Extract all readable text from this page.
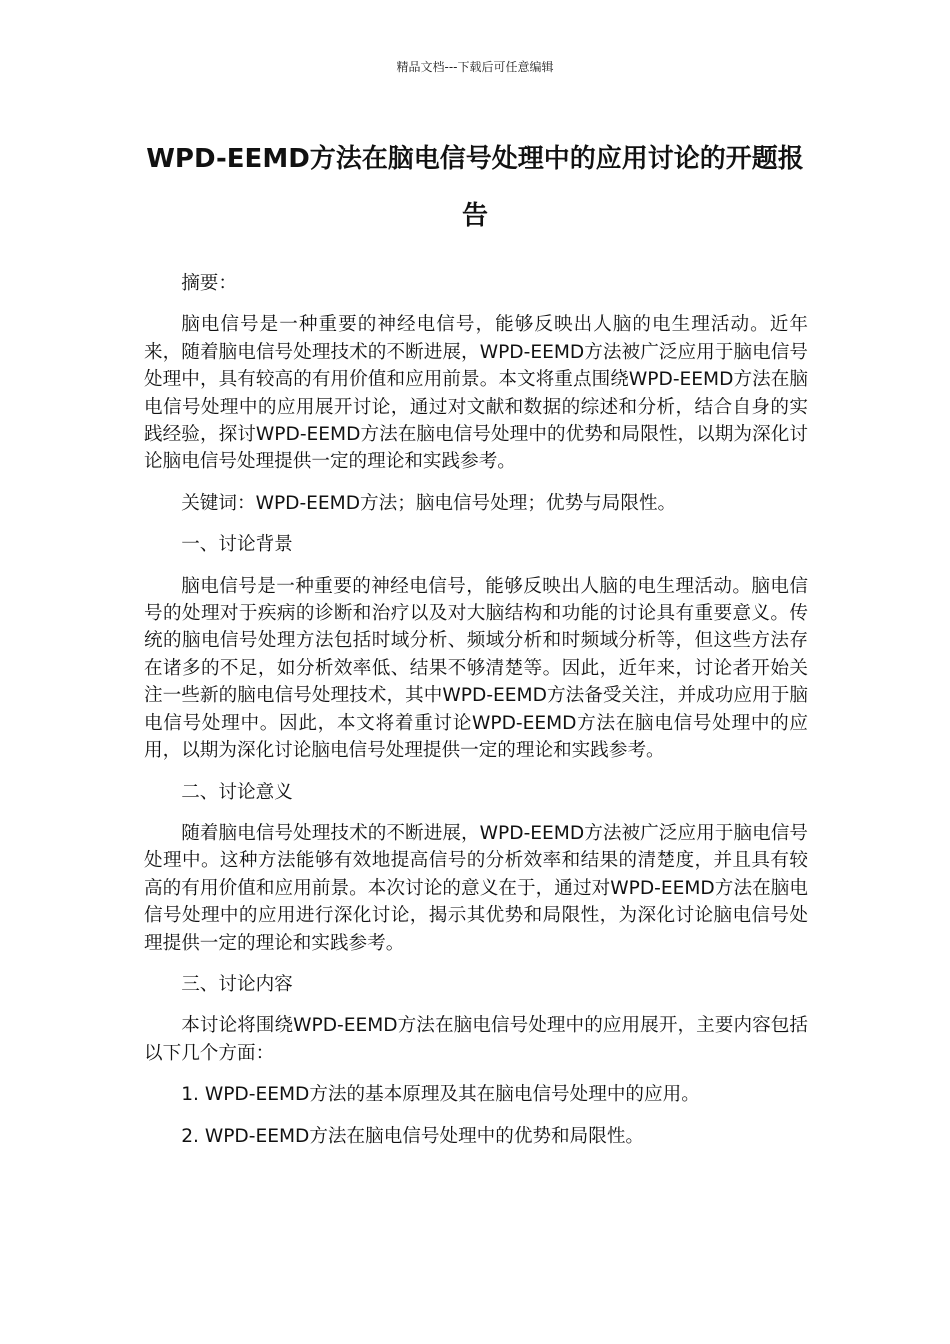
精品文档---下载后可任意编辑
WPD-EEMD方法在脑电信号处理中的应用讨论的开题报告

摘要：

脑电信号是一种重要的神经电信号，能够反映出人脑的电生理活动。近年来，随着脑电信号处理技术的不断进展，WPD-EEMD方法被广泛应用于脑电信号处理中，具有较高的有用价值和应用前景。本文将重点围绕WPD-EEMD方法在脑电信号处理中的应用展开讨论，通过对文献和数据的综述和分析，结合自身的实践经验，探讨WPD-EEMD方法在脑电信号处理中的优势和局限性，以期为深化讨论脑电信号处理提供一定的理论和实践参考。

关键词：WPD-EEMD方法；脑电信号处理；优势与局限性。

一、讨论背景

脑电信号是一种重要的神经电信号，能够反映出人脑的电生理活动。脑电信号的处理对于疾病的诊断和治疗以及对大脑结构和功能的讨论具有重要意义。传统的脑电信号处理方法包括时域分析、频域分析和时频域分析等，但这些方法存在诸多的不足，如分析效率低、结果不够清楚等。因此，近年来，讨论者开始关注一些新的脑电信号处理技术，其中WPD-EEMD方法备受关注，并成功应用于脑电信号处理中。因此，本文将着重讨论WPD-EEMD方法在脑电信号处理中的应用，以期为深化讨论脑电信号处理提供一定的理论和实践参考。

二、讨论意义

随着脑电信号处理技术的不断进展，WPD-EEMD方法被广泛应用于脑电信号处理中。这种方法能够有效地提高信号的分析效率和结果的清楚度，并且具有较高的有用价值和应用前景。本次讨论的意义在于，通过对WPD-EEMD方法在脑电信号处理中的应用进行深化讨论，揭示其优势和局限性，为深化讨论脑电信号处理提供一定的理论和实践参考。

三、讨论内容

本讨论将围绕WPD-EEMD方法在脑电信号处理中的应用展开，主要内容包括以下几个方面：

1. WPD-EEMD方法的基本原理及其在脑电信号处理中的应用。

2. WPD-EEMD方法在脑电信号处理中的优势和局限性。
